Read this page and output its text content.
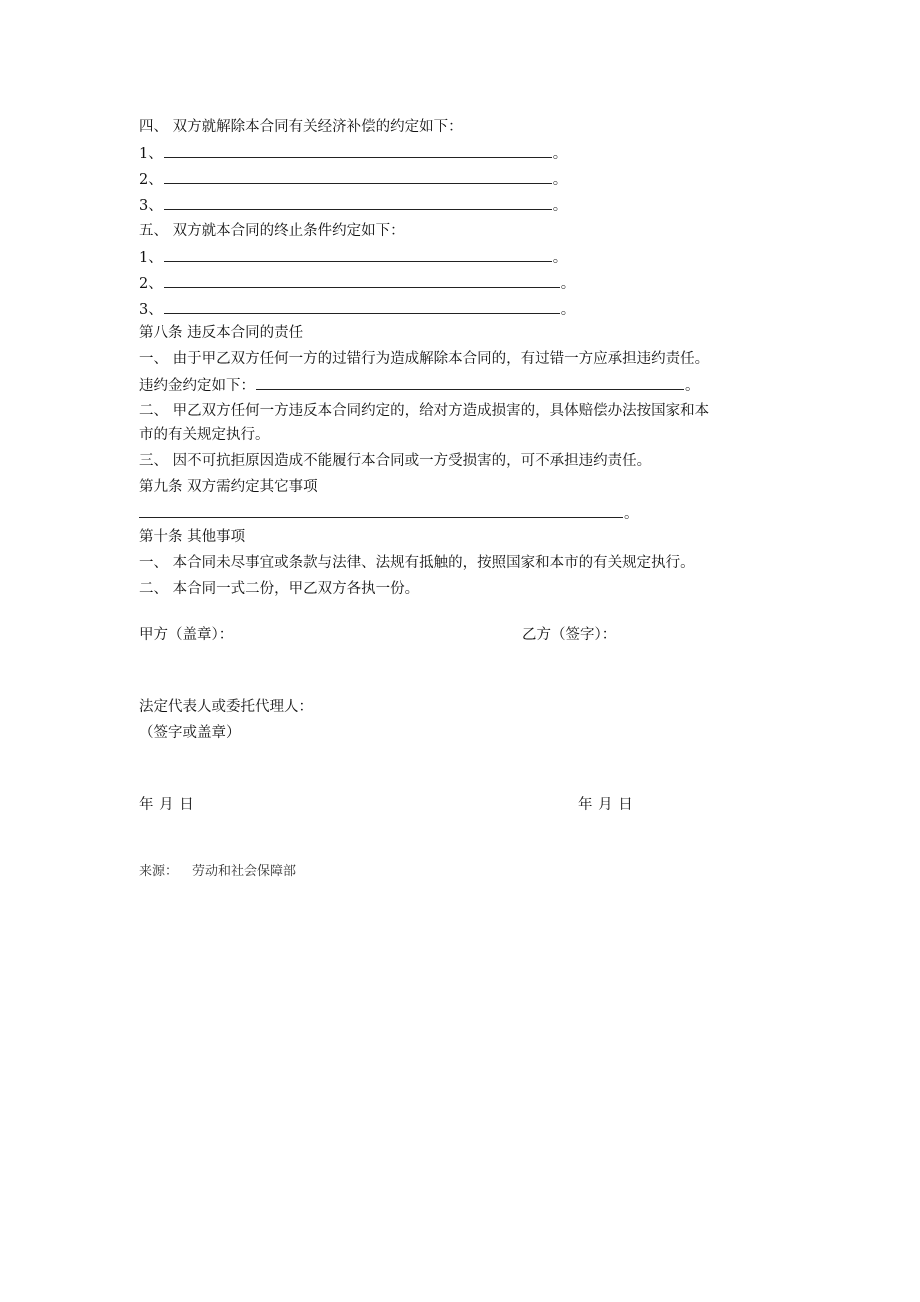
四、 双方就解除本合同有关经济补偿的约定如下：
1、	。
2、	。
3、	。
五、 双方就本合同的终止条件约定如下：
1、	。
2、	。
3、	。
第八条 违反本合同的责任
一、 由于甲乙双方任何一方的过错行为造成解除本合同的，有过错一方应承担违约责任。
违约金约定如下：	。
二、 甲乙双方任何一方违反本合同约定的，给对方造成损害的，具体赔偿办法按国家和本
市的有关规定执行。
三、 因不可抗拒原因造成不能履行本合同或一方受损害的，可不承担违约责任。
第九条 双方需约定其它事项
。
第十条 其他事项
一、 本合同未尽事宜或条款与法律、法规有抵触的，按照国家和本市的有关规定执行。
二、 本合同一式二份，甲乙双方各执一份。
甲方（盖章）：	乙方（签字）：
法定代表人或委托代理人：
（签字或盖章）
年 月 日	年 月 日
来源： 劳动和社会保障部
